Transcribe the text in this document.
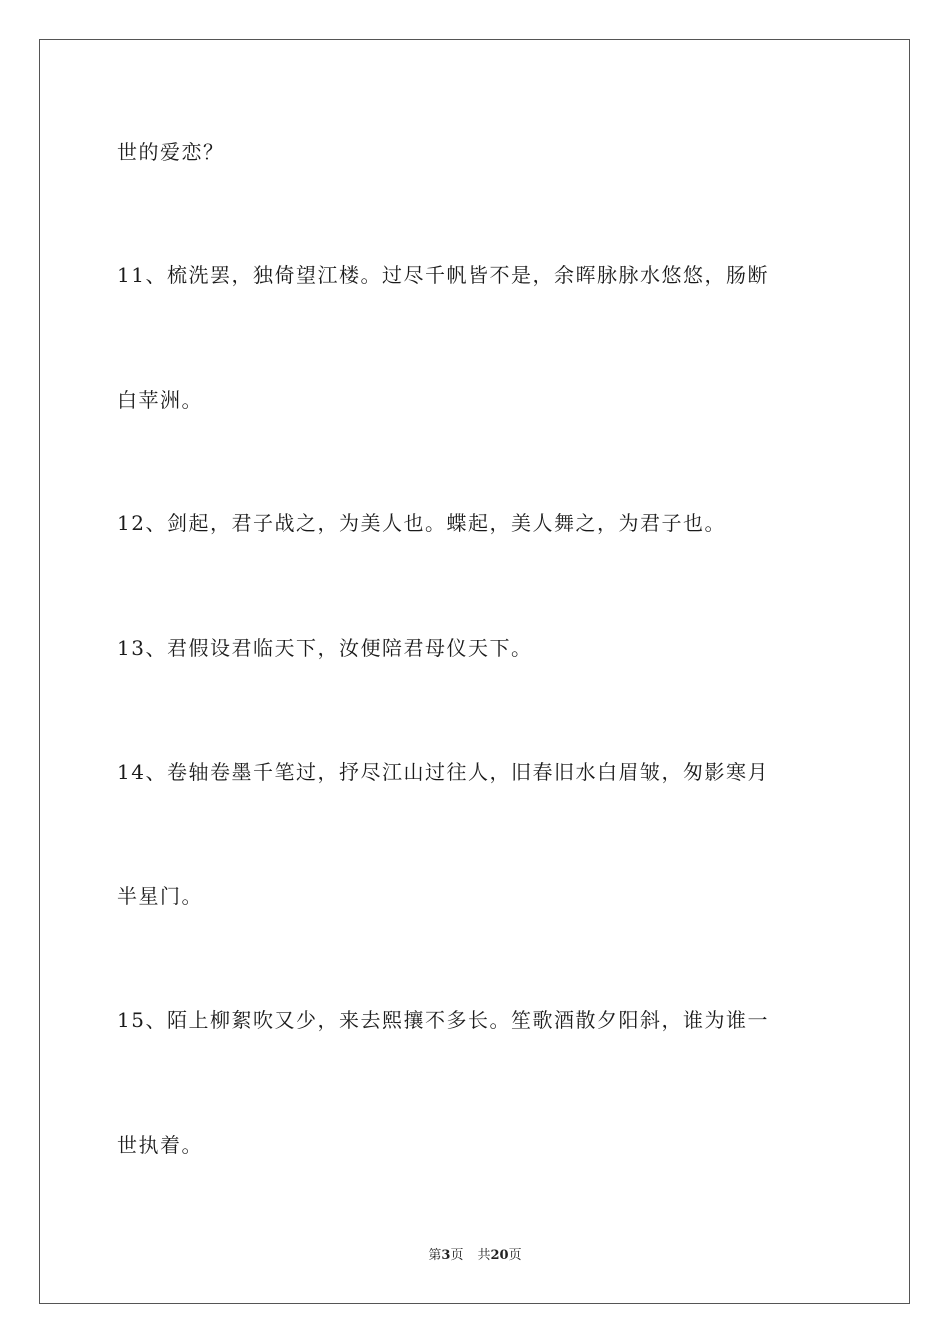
世的爱恋？
11、梳洗罢，独倚望江楼。过尽千帆皆不是，余晖脉脉水悠悠，肠断
白苹洲。
12、剑起，君子战之，为美人也。蝶起，美人舞之，为君子也。
13、君假设君临天下，汝便陪君母仪天下。
14、卷轴卷墨千笔过，抒尽江山过往人，旧春旧水白眉皱，匆影寒月
半星门。
15、陌上柳絮吹又少，来去熙攘不多长。笙歌酒散夕阳斜，谁为谁一
世执着。
第3页 共20页
